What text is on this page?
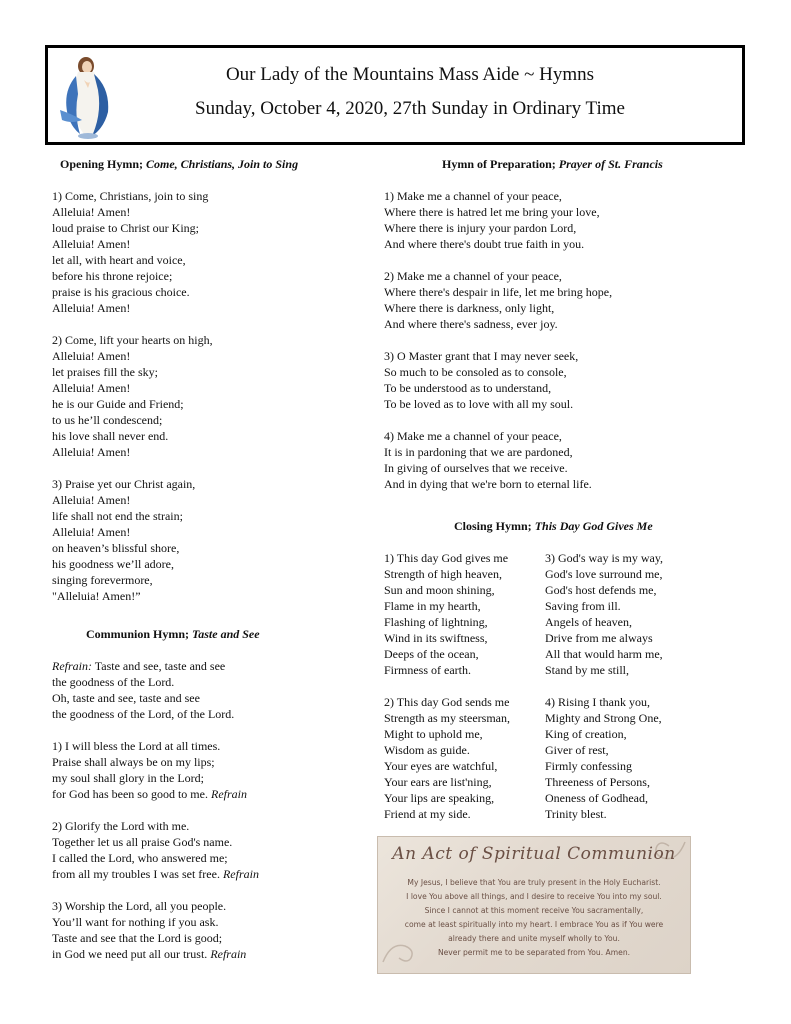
Our Lady of the Mountains Mass Aide ~ Hymns
Sunday, October 4, 2020, 27th Sunday in Ordinary Time
Opening Hymn; Come, Christians, Join to Sing
1) Come, Christians, join to sing
Alleluia! Amen!
loud praise to Christ our King;
Alleluia! Amen!
let all, with heart and voice,
before his throne rejoice;
praise is his gracious choice.
Alleluia! Amen!
2) Come, lift your hearts on high,
Alleluia! Amen!
let praises fill the sky;
Alleluia! Amen!
he is our Guide and Friend;
to us he’ll condescend;
his love shall never end.
Alleluia! Amen!
3) Praise yet our Christ again,
Alleluia! Amen!
life shall not end the strain;
Alleluia! Amen!
on heaven’s blissful shore,
his goodness we’ll adore,
singing forevermore,
"Alleluia! Amen!”
Communion Hymn; Taste and See
Refrain: Taste and see, taste and see
the goodness of the Lord.
Oh, taste and see, taste and see
the goodness of the Lord, of the Lord.
1) I will bless the Lord at all times.
Praise shall always be on my lips;
my soul shall glory in the Lord;
for God has been so good to me. Refrain
2) Glorify the Lord with me.
Together let us all praise God's name.
I called the Lord, who answered me;
from all my troubles I was set free. Refrain
3) Worship the Lord, all you people.
You’ll want for nothing if you ask.
Taste and see that the Lord is good;
in God we need put all our trust. Refrain
Hymn of Preparation; Prayer of St. Francis
1) Make me a channel of your peace,
Where there is hatred let me bring your love,
Where there is injury your pardon Lord,
And where there's doubt true faith in you.
2) Make me a channel of your peace,
Where there's despair in life, let me bring hope,
Where there is darkness, only light,
And where there's sadness, ever joy.
3) O Master grant that I may never seek,
So much to be consoled as to console,
To be understood as to understand,
To be loved as to love with all my soul.
4) Make me a channel of your peace,
It is in pardoning that we are pardoned,
In giving of ourselves that we receive.
And in dying that we're born to eternal life.
Closing Hymn; This Day God Gives Me
1) This day God gives me
Strength of high heaven,
Sun and moon shining,
Flame in my hearth,
Flashing of lightning,
Wind in its swiftness,
Deeps of the ocean,
Firmness of earth.
2) This day God sends me
Strength as my steersman,
Might to uphold me,
Wisdom as guide.
Your eyes are watchful,
Your ears are list'ning,
Your lips are speaking,
Friend at my side.
3) God's way is my way,
God's love surround me,
God's host defends me,
Saving from ill.
Angels of heaven,
Drive from me always
All that would harm me,
Stand by me still,
4) Rising I thank you,
Mighty and Strong One,
King of creation,
Giver of rest,
Firmly confessing
Threeness of Persons,
Oneness of Godhead,
Trinity blest.
An Act of Spiritual Communion
My Jesus, I believe that You are truly present in the Holy Eucharist.
I love You above all things, and I desire to receive You into my soul.
Since I cannot at this moment receive You sacramentally,
come at least spiritually into my heart. I embrace You as if You were
already there and unite myself wholly to You.
Never permit me to be separated from You. Amen.
